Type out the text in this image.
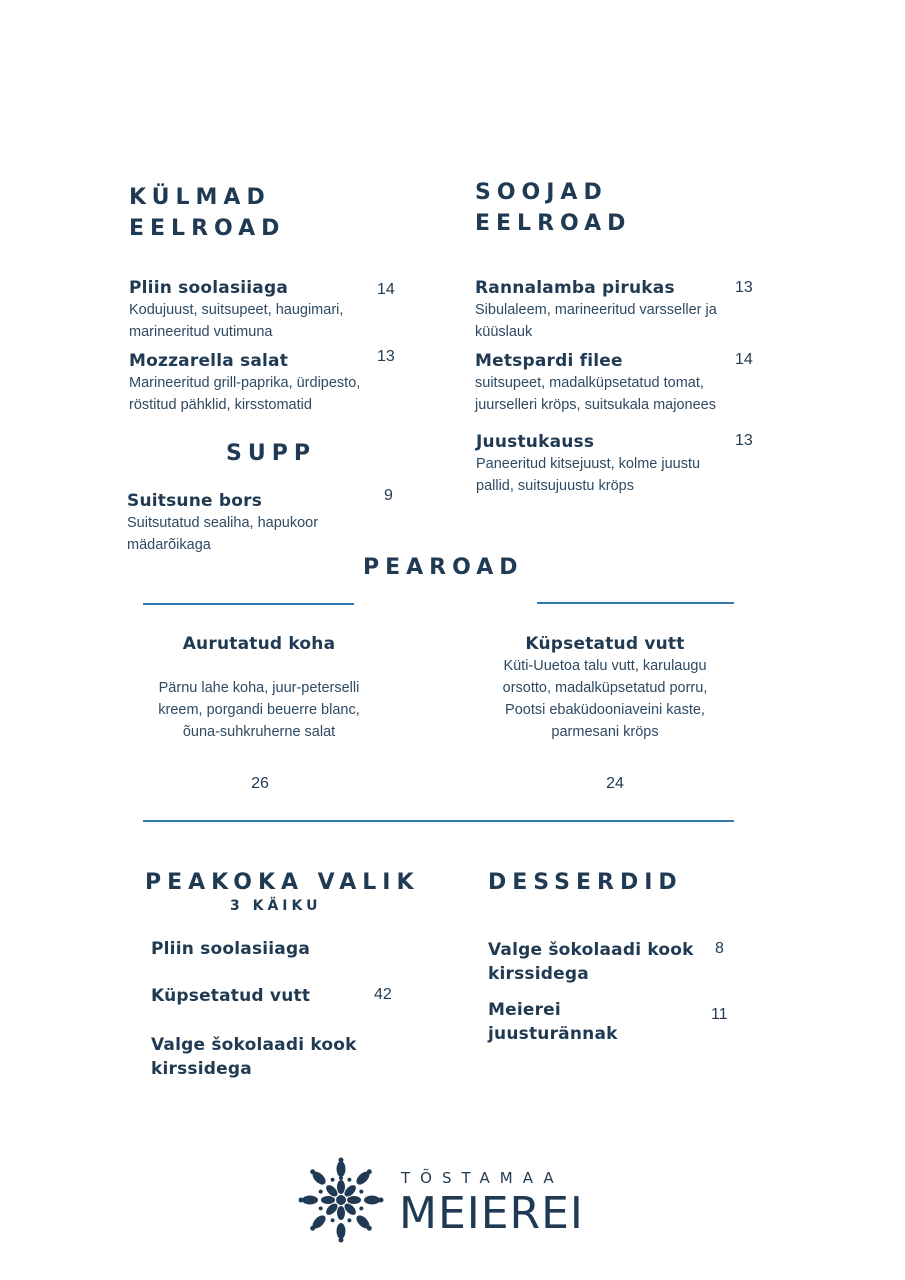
KÜLMAD
EELROAD
Pliin soolasiiaga
Kodujuust, suitsupeet, haugimari,
marineeritud vutimuna
14
Mozzarella salat
Marineeritud grill-paprika, ürdipesto,
röstitud pähklid, kirsstomatid
13
SOOJAD
EELROAD
Rannalamba pirukas
Sibulaleem, marineeritud varsseller ja
küüslauk
13
Metspardi filee
suitsupeet, madalküpsetatud tomat,
juurselleri kröps, suitsukala majonees
14
Juustukauss
Paneeritud kitsejuust, kolme juustu
pallid, suitsujuustu kröps
13
SUPP
Suitsune bors
Suitsutatud sealiha, hapukoor
mädarõikaga
9
PEAROAD
Aurutatud koha
Pärnu lahe koha, juur-peterselli
kreem, porgandi beuerre blanc,
õuna-suhkruherne salat
26
Küpsetatud vutt
Küti-Uuetoa talu vutt, karulaugu
orsotto, madalküpsetatud porru,
Pootsi ebaküdooniaveini kaste,
parmesani kröps
24
PEAKOKA VALIK
3 KÄIKU
Pliin soolasiiaga
Küpsetatud vutt	42
Valge šokolaadi kook
kirssidega
DESSERDID
Valge šokolaadi kook
kirssidega
8
Meierei
juusturännak
11
TÕSTAMAA
MEIEREI
